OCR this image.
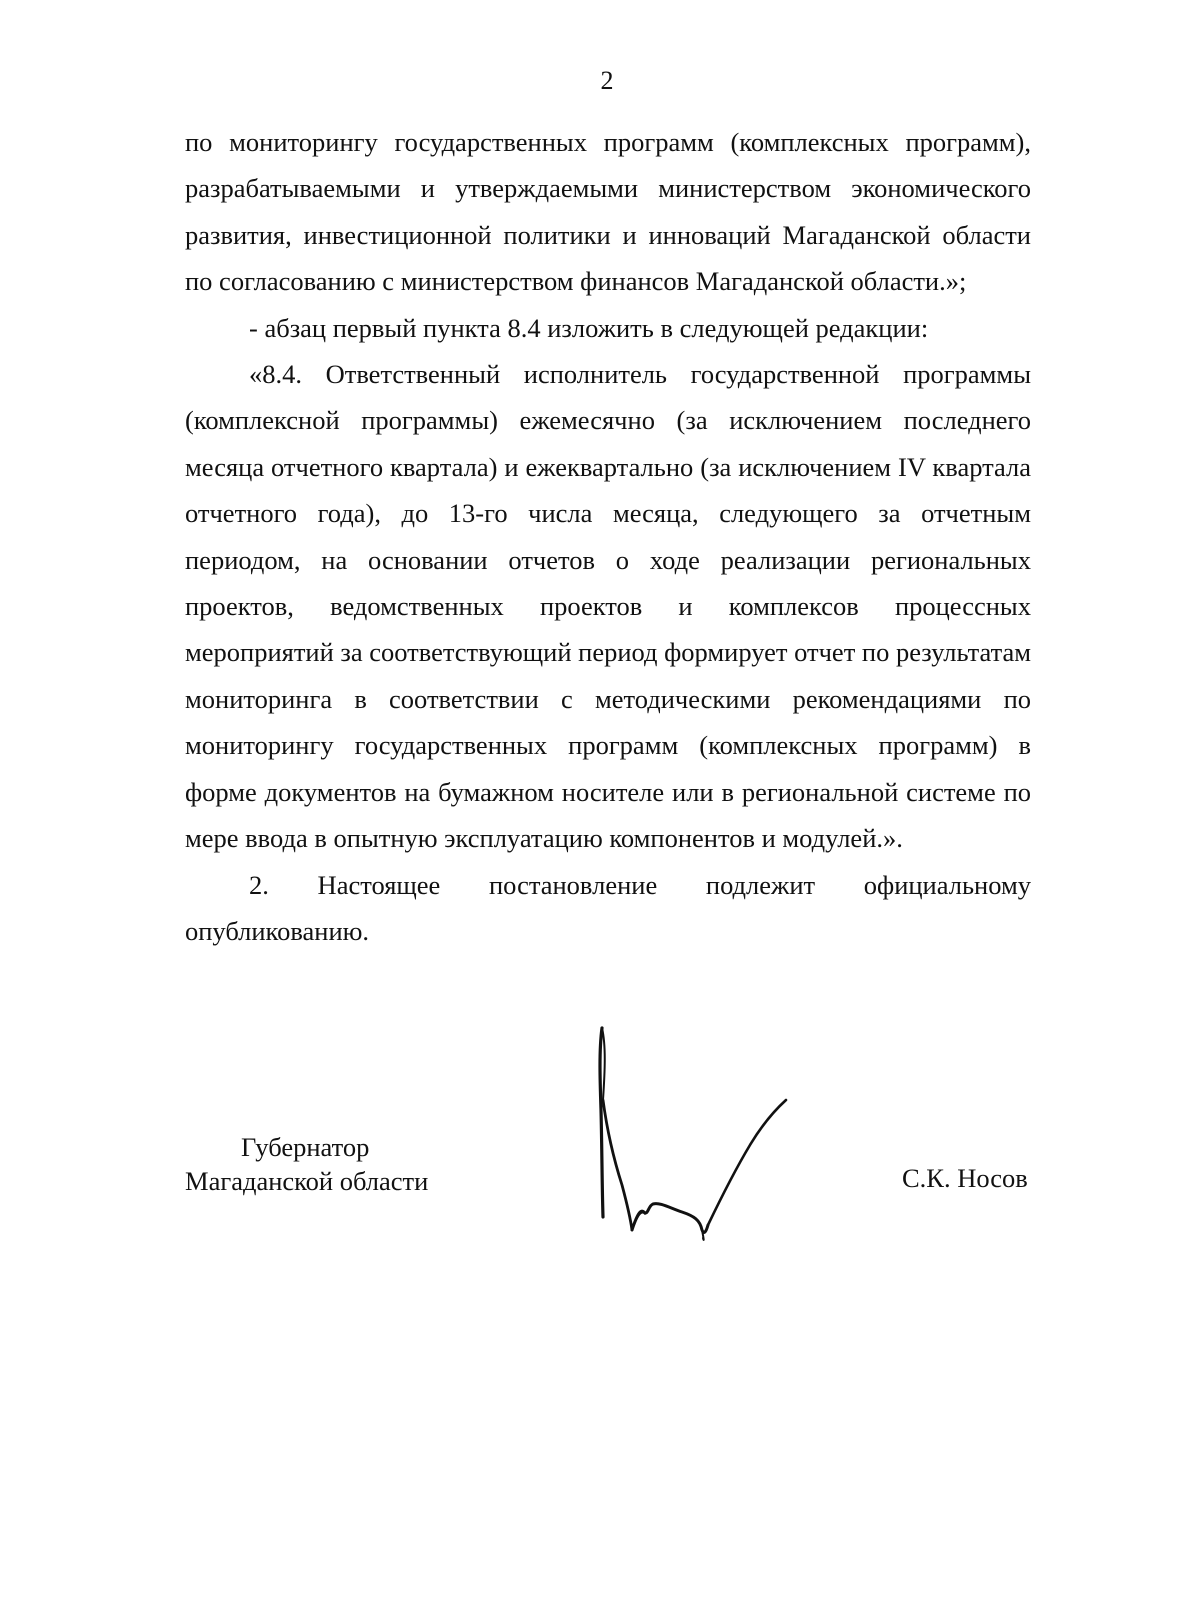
2

по мониторингу государственных программ (комплексных программ), разрабатываемыми и утверждаемыми министерством экономического развития, инвестиционной политики и инноваций Магаданской области по согласованию с министерством финансов Магаданской области.»;

- абзац первый пункта 8.4 изложить в следующей редакции:

«8.4. Ответственный исполнитель государственной программы (комплексной программы) ежемесячно (за исключением последнего месяца отчетного квартала) и ежеквартально (за исключением IV квартала отчетного года), до 13-го числа месяца, следующего за отчетным периодом, на основании отчетов о ходе реализации региональных проектов, ведомственных проектов и комплексов процессных мероприятий за соответствующий период формирует отчет по результатам мониторинга в соответствии с методическими рекомендациями по мониторингу государственных программ (комплексных программ) в форме документов на бумажном носителе или в региональной системе по мере ввода в опытную эксплуатацию компонентов и модулей.».

2. Настоящее постановление подлежит официальному опубликованию.

Губернатор
Магаданской области	С.К. Носов
